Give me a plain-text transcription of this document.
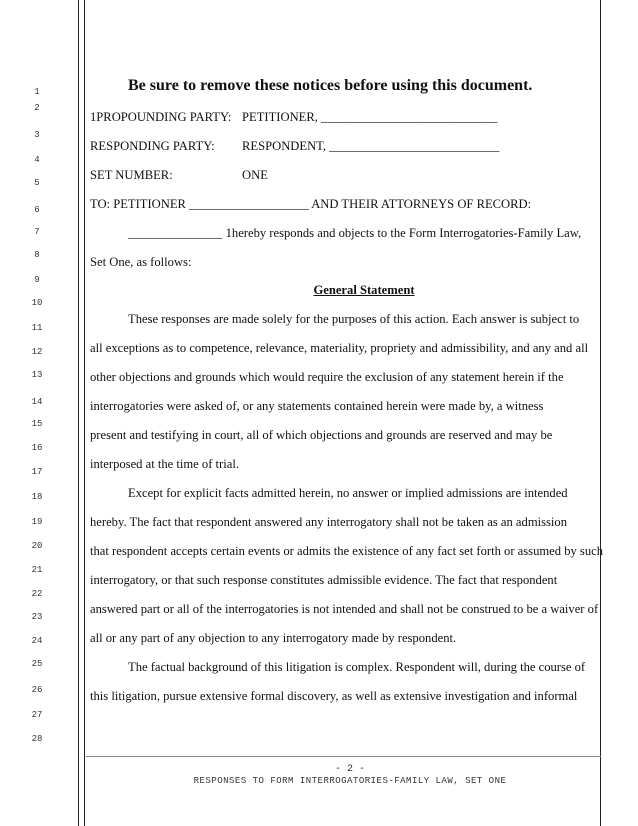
1
2
3
4
5
6
7
8
9
10
11
12
13
14
15
16
17
18
19
20
21
22
23
24
25
26
27
28
Be sure to remove these notices before using this document.
1PROPOUNDING PARTY: PETITIONER, ____________________________
RESPONDING PARTY: RESPONDENT, ___________________________
SET NUMBER:	ONE
TO: PETITIONER ___________________ AND THEIR ATTORNEYS OF RECORD:
_______________ 1hereby responds and objects to the Form Interrogatories-Family Law,
Set One, as follows:
General Statement
These responses are made solely for the purposes of this action. Each answer is subject to
all exceptions as to competence, relevance, materiality, propriety and admissibility, and any and all
other objections and grounds which would require the exclusion of any statement herein if the
interrogatories were asked of, or any statements contained herein were made by, a witness
present and testifying in court, all of which objections and grounds are reserved and may be
interposed at the time of trial.
Except for explicit facts admitted herein, no answer or implied admissions are intended
hereby. The fact that respondent answered any interrogatory shall not be taken as an admission
that respondent accepts certain events or admits the existence of any fact set forth or assumed by such
interrogatory, or that such response constitutes admissible evidence. The fact that respondent
answered part or all of the interrogatories is not intended and shall not be construed to be a waiver of
all or any part of any objection to any interrogatory made by respondent.
The factual background of this litigation is complex. Respondent will, during the course of
this litigation, pursue extensive formal discovery, as well as extensive investigation and informal
- 2 -
RESPONSES TO FORM INTERROGATORIES-FAMILY LAW, SET ONE
